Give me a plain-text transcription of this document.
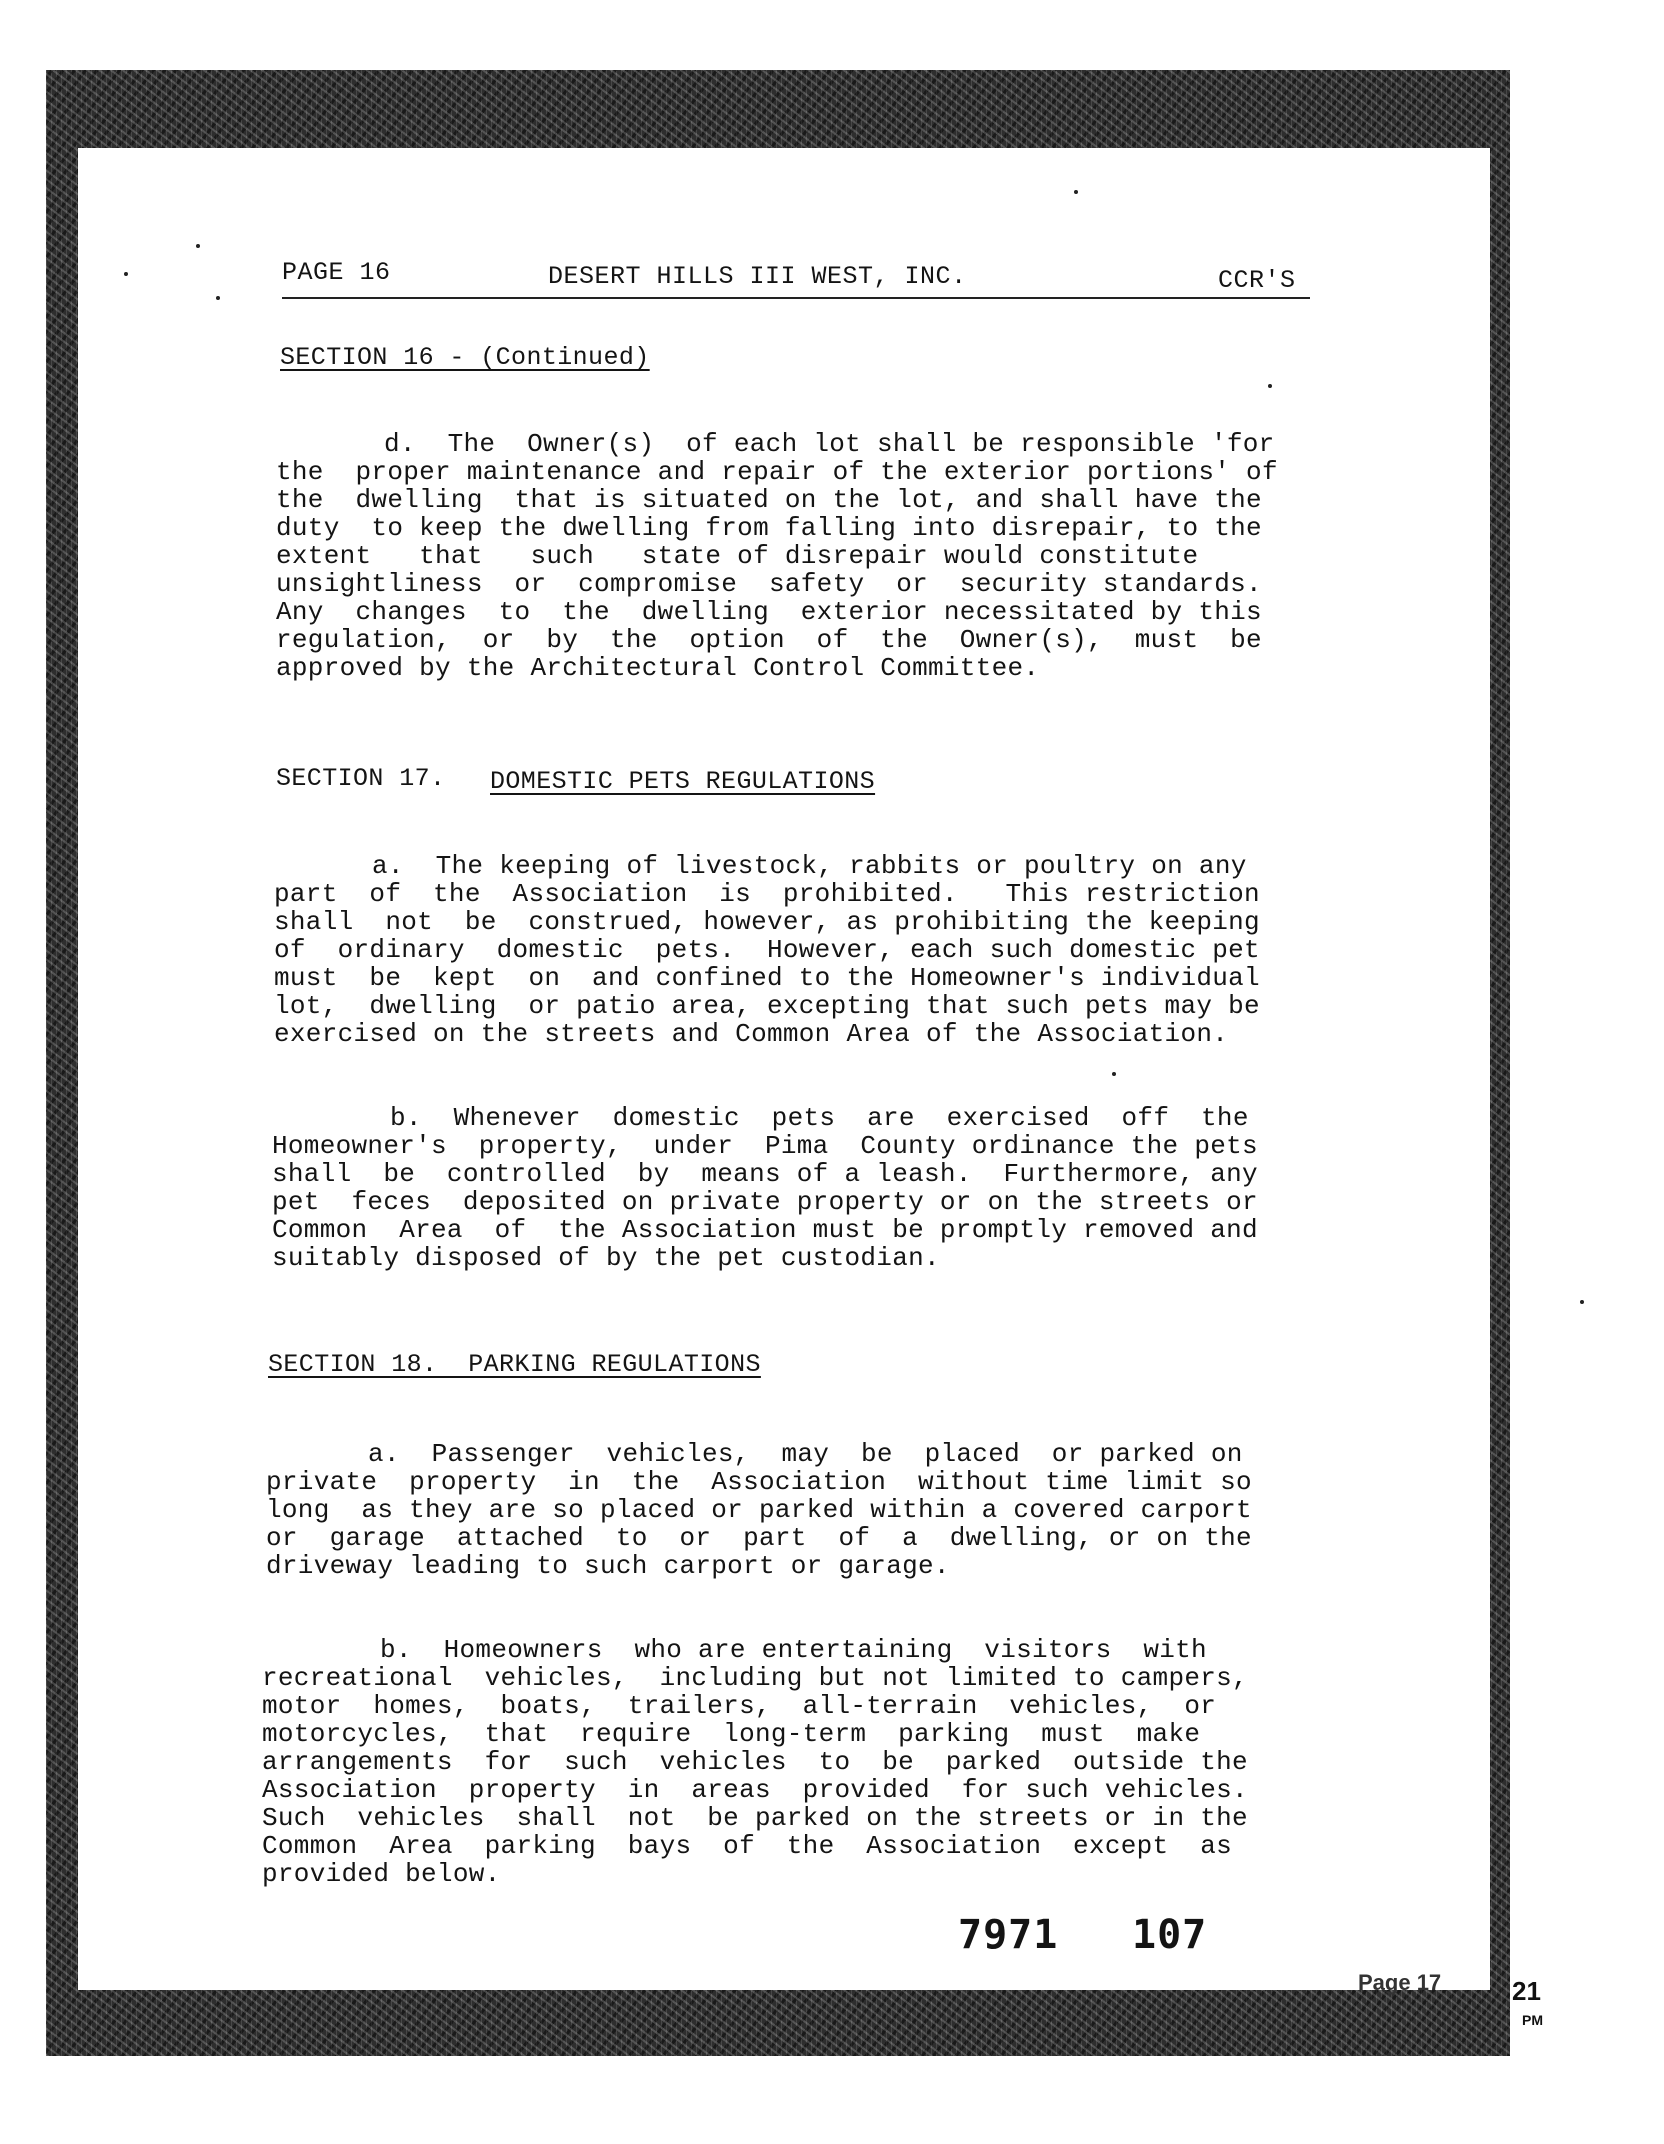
PAGE 16	DESERT HILLS III WEST, INC.	CCR'S
SECTION 16 - (Continued)
d.  The  Owner(s)  of each lot shall be responsible 'for
the  proper maintenance and repair of the exterior portions' of
the  dwelling  that is situated on the lot, and shall have the
duty  to keep the dwelling from falling into disrepair, to the
extent   that   such   state of disrepair would constitute
unsightliness  or  compromise  safety  or  security standards.
Any  changes  to  the  dwelling  exterior necessitated by this
regulation,  or  by  the  option  of  the  Owner(s),  must  be
approved by the Architectural Control Committee.
SECTION 17. DOMESTIC PETS REGULATIONS
a.  The keeping of livestock, rabbits or poultry on any
part  of  the  Association  is  prohibited.   This restriction
shall  not  be  construed, however, as prohibiting the keeping
of  ordinary  domestic  pets.  However, each such domestic pet
must  be  kept  on  and confined to the Homeowner's individual
lot,  dwelling  or patio area, excepting that such pets may be
exercised on the streets and Common Area of the Association.
b.  Whenever  domestic  pets  are  exercised  off  the
Homeowner's  property,  under  Pima  County ordinance the pets
shall  be  controlled  by  means of a leash.  Furthermore, any
pet  feces  deposited on private property or on the streets or
Common  Area  of  the Association must be promptly removed and
suitably disposed of by the pet custodian.
SECTION 18.  PARKING REGULATIONS
a.  Passenger  vehicles,  may  be  placed  or parked on
private  property  in  the  Association  without time limit so
long  as they are so placed or parked within a covered carport
or  garage  attached  to  or  part  of  a  dwelling, or on the
driveway leading to such carport or garage.
b.  Homeowners  who are entertaining  visitors  with
recreational  vehicles,  including but not limited to campers,
motor  homes,  boats,  trailers,  all-terrain  vehicles,  or
motorcycles,  that  require  long-term  parking  must  make
arrangements  for  such  vehicles  to  be  parked  outside the
Association  property  in  areas  provided  for such vehicles.
Such  vehicles  shall  not  be parked on the streets or in the
Common  Area  parking  bays  of  the  Association  except  as
provided below.
7971 107
Page 17	21
PM
